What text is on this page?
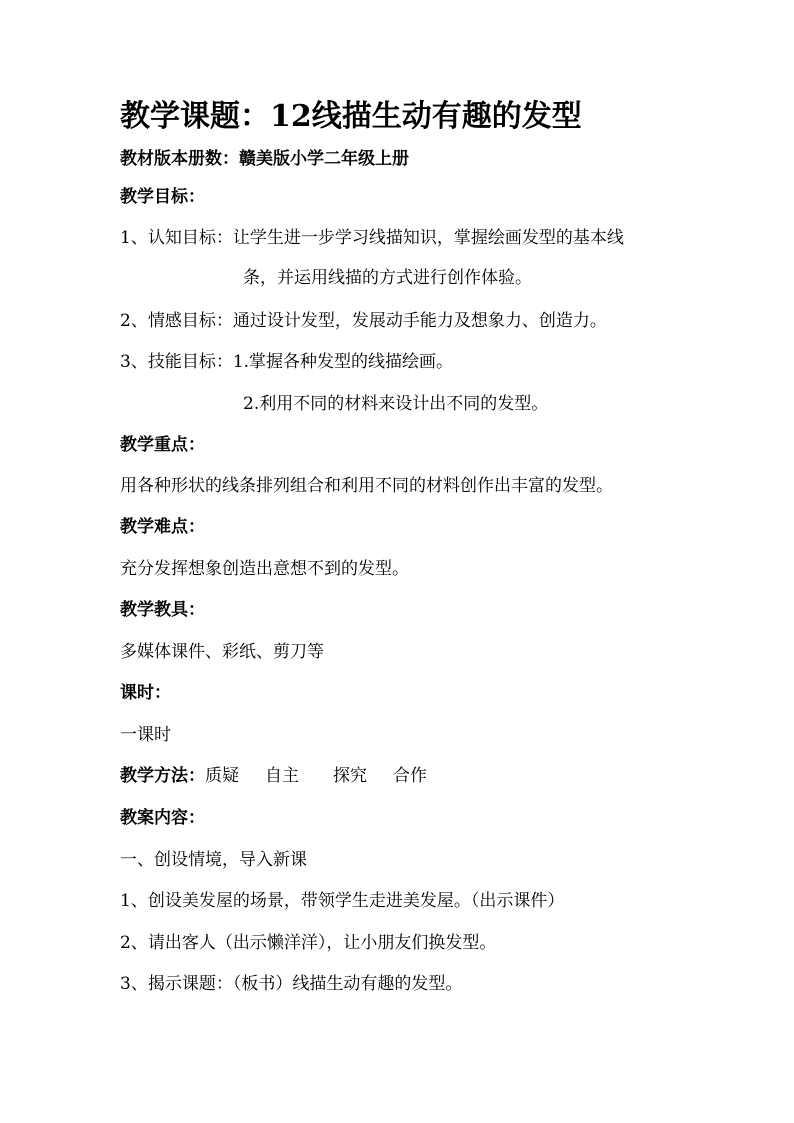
教学课题：12线描生动有趣的发型
教材版本册数：赣美版小学二年级上册
教学目标：
1、认知目标：让学生进一步学习线描知识，掌握绘画发型的基本线
条，并运用线描的方式进行创作体验。
2、情感目标：通过设计发型，发展动手能力及想象力、创造力。
3、技能目标：1.掌握各种发型的线描绘画。
2.利用不同的材料来设计出不同的发型。
教学重点：
用各种形状的线条排列组合和利用不同的材料创作出丰富的发型。
教学难点：
充分发挥想象创造出意想不到的发型。
教学教具：
多媒体课件、彩纸、剪刀等
课时：
一课时
教学方法：质疑 自主 探究 合作
教案内容：
一、创设情境，导入新课
1、创设美发屋的场景，带领学生走进美发屋。（出示课件）
2、请出客人（出示懒洋洋），让小朋友们换发型。
3、揭示课题：（板书）线描生动有趣的发型。
